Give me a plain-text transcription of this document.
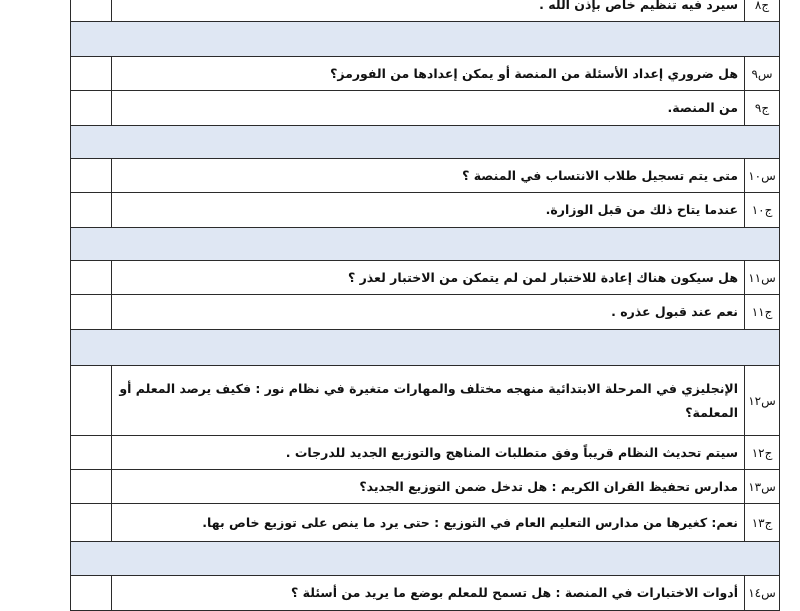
ج٨
سيرد فيه تنظيم خاص بإذن الله .
س٩
هل ضروري إعداد الأسئلة من المنصة أو يمكن إعدادها من الفورمز؟
ج٩
من المنصة.
س١٠
متى يتم تسجيل طلاب الانتساب في المنصة ؟
ج١٠
عندما يتاح ذلك من قبل الوزارة.
س١١
هل سيكون هناك إعادة للاختبار لمن لم يتمكن من الاختبار لعذر ؟
ج١١
نعم عند قبول عذره .
س١٢
الإنجليزي في المرحلة الابتدائية منهجه مختلف والمهارات متغيرة في نظام نور : فكيف يرصد المعلم أو المعلمة؟
ج١٢
سيتم تحديث النظام قريباً وفق متطلبات المناهج والتوزيع الجديد للدرجات .
س١٣
مدارس تحفيظ القران الكريم : هل تدخل ضمن التوزيع الجديد؟
ج١٣
نعم: كغيرها من مدارس التعليم العام في التوزيع : حتى يرد ما ينص على توزيع خاص بها.
س١٤
أدوات الاختبارات في المنصة : هل تسمح للمعلم بوضع ما يريد من أسئلة ؟
